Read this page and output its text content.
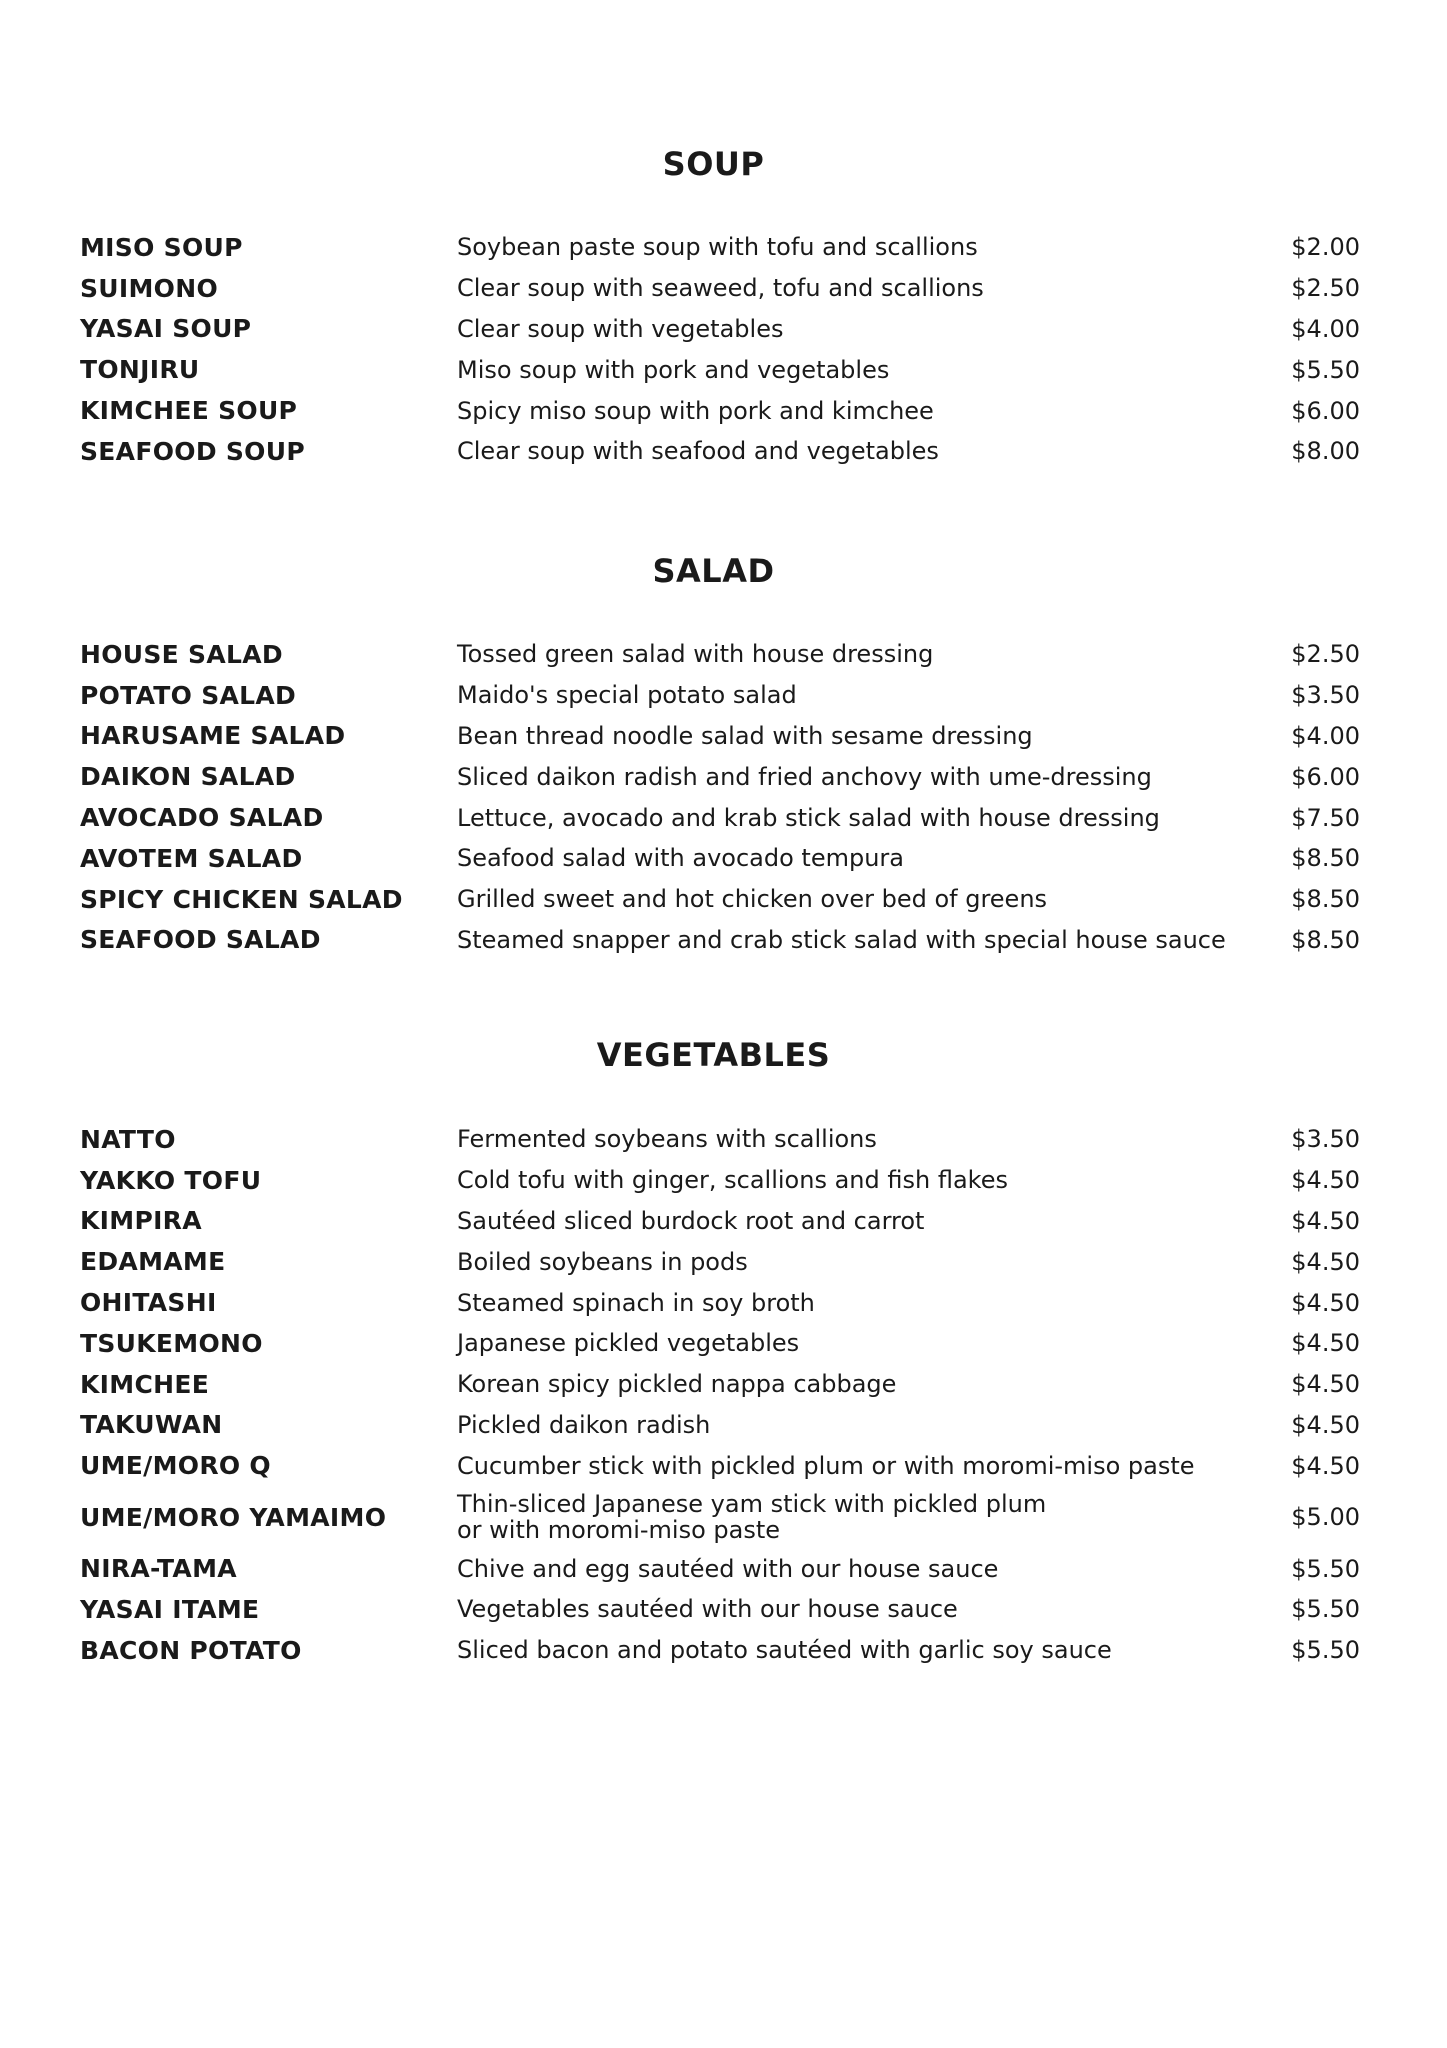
SOUP
MISO SOUP	Soybean paste soup with tofu and scallions	$2.00
SUIMONO	Clear soup with seaweed, tofu and scallions	$2.50
YASAI SOUP	Clear soup with vegetables	$4.00
TONJIRU	Miso soup with pork and vegetables	$5.50
KIMCHEE SOUP	Spicy miso soup with pork and kimchee	$6.00
SEAFOOD SOUP	Clear soup with seafood and vegetables	$8.00
SALAD
HOUSE SALAD	Tossed green salad with house dressing	$2.50
POTATO SALAD	Maido's special potato salad	$3.50
HARUSAME SALAD	Bean thread noodle salad with sesame dressing	$4.00
DAIKON SALAD	Sliced daikon radish and fried anchovy with ume-dressing	$6.00
AVOCADO SALAD	Lettuce, avocado and krab stick salad with house dressing	$7.50
AVOTEM SALAD	Seafood salad with avocado tempura	$8.50
SPICY CHICKEN SALAD	Grilled sweet and hot chicken over bed of greens	$8.50
SEAFOOD SALAD	Steamed snapper and crab stick salad with special house sauce	$8.50
VEGETABLES
NATTO	Fermented soybeans with scallions	$3.50
YAKKO TOFU	Cold tofu with ginger, scallions and fish flakes	$4.50
KIMPIRA	Sautéed sliced burdock root and carrot	$4.50
EDAMAME	Boiled soybeans in pods	$4.50
OHITASHI	Steamed spinach in soy broth	$4.50
TSUKEMONO	Japanese pickled vegetables	$4.50
KIMCHEE	Korean spicy pickled nappa cabbage	$4.50
TAKUWAN	Pickled daikon radish	$4.50
UME/MORO Q	Cucumber stick with pickled plum or with moromi-miso paste	$4.50
UME/MORO YAMAIMO	Thin-sliced Japanese yam stick with pickled plum
or with moromi-miso paste	$5.00
NIRA-TAMA	Chive and egg sautéed with our house sauce	$5.50
YASAI ITAME	Vegetables sautéed with our house sauce	$5.50
BACON POTATO	Sliced bacon and potato sautéed with garlic soy sauce	$5.50
